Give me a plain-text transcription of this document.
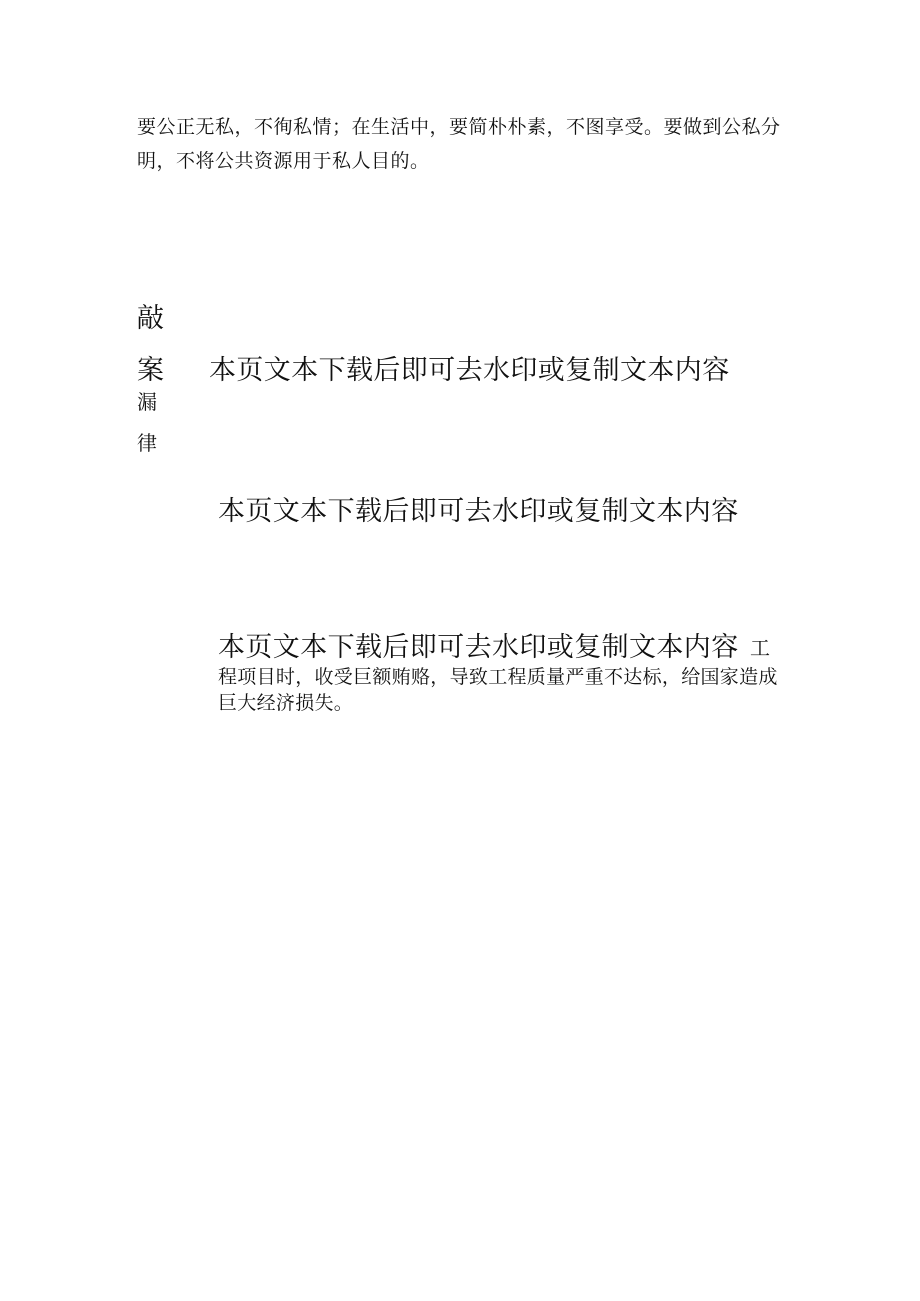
要公正无私，不徇私情；在生活中，要简朴朴素，不图享受。要做到公私分明，不将公共资源用于私人目的。

敲
案
漏
律
本页文本下载后即可去水印或复制文本内容
本页文本下载后即可去水印或复制文本内容
本页文本下载后即可去水印或复制文本内容 工

程项目时，收受巨额贿赂，导致工程质量严重不达标，给国家造成巨大经济损失。
